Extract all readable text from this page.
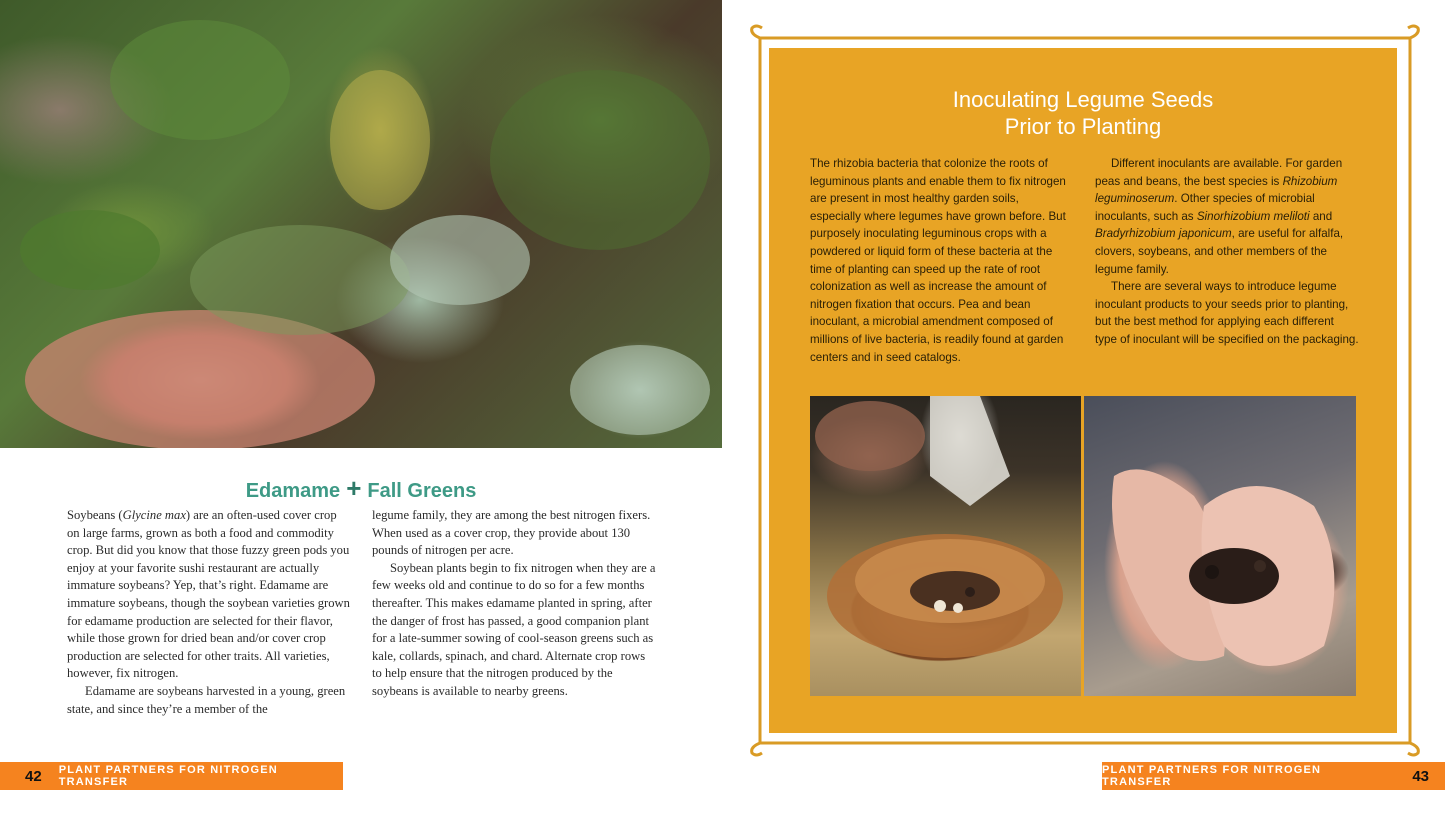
Edamame + Fall Greens

Soybeans (Glycine max) are an often-used cover crop on large farms, grown as both a food and commodity crop. But did you know that those fuzzy green pods you enjoy at your favorite sushi restaurant are actually immature soybeans? Yep, that’s right. Edamame are immature soybeans, though the soybean varieties grown for edamame production are selected for their flavor, while those grown for dried bean and/or cover crop production are selected for other traits. All varieties, however, fix nitrogen.

Edamame are soybeans harvested in a young, green state, and since they’re a member of the

legume family, they are among the best nitrogen fixers. When used as a cover crop, they provide about 130 pounds of nitrogen per acre.

Soybean plants begin to fix nitrogen when they are a few weeks old and continue to do so for a few months thereafter. This makes edamame planted in spring, after the danger of frost has passed, a good companion plant for a late-summer sowing of cool-season greens such as kale, collards, spinach, and chard. Alternate crop rows to help ensure that the nitrogen produced by the soybeans is available to nearby greens.

42 PLANT PARTNERS FOR NITROGEN TRANSFER
Inoculating Legume Seeds
Prior to Planting

The rhizobia bacteria that colonize the roots of leguminous plants and enable them to fix nitrogen are present in most healthy garden soils, especially where legumes have grown before. But purposely inoculating leguminous crops with a powdered or liquid form of these bacteria at the time of planting can speed up the rate of root colonization as well as increase the amount of nitrogen fixation that occurs. Pea and bean inoculant, a microbial amendment composed of millions of live bacteria, is readily found at garden centers and in seed catalogs.

Different inoculants are available. For garden peas and beans, the best species is Rhizobium leguminoserum. Other species of microbial inoculants, such as Sinorhizobium meliloti and Bradyrhizobium japonicum, are useful for alfalfa, clovers, soybeans, and other members of the legume family.

There are several ways to introduce legume inoculant products to your seeds prior to planting, but the best method for applying each different type of inoculant will be specified on the packaging.

PLANT PARTNERS FOR NITROGEN TRANSFER	43
